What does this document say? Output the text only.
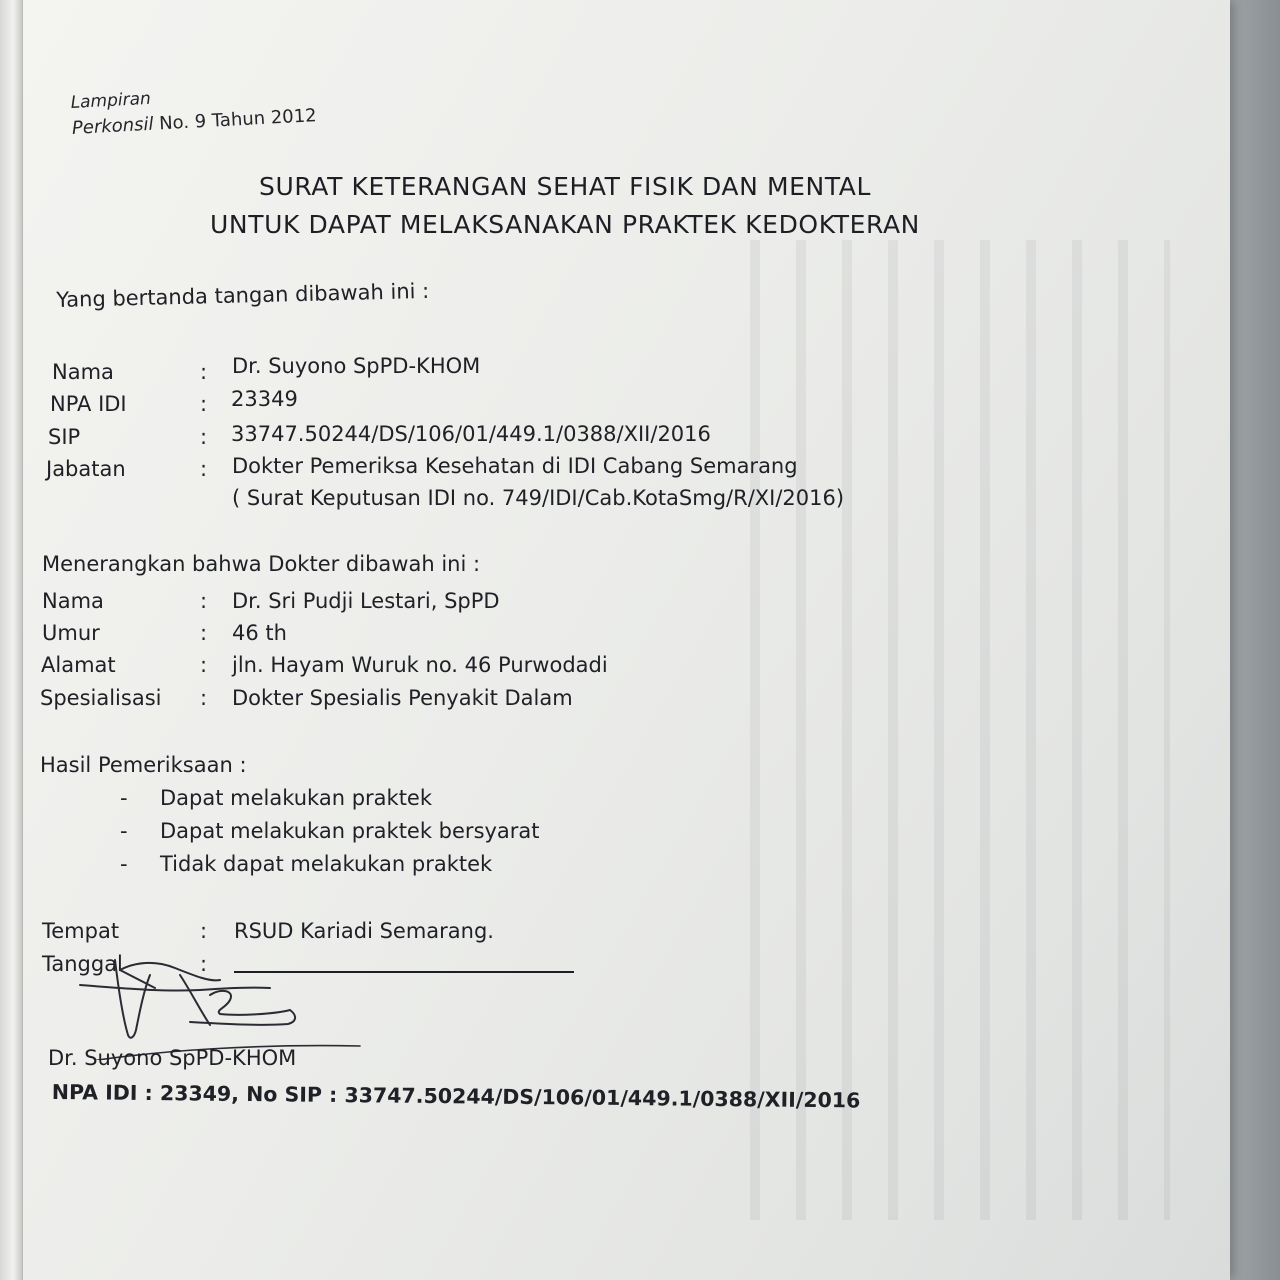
Lampiran
Perkonsil No. 9 Tahun 2012
SURAT KETERANGAN SEHAT FISIK DAN MENTAL
UNTUK DAPAT MELAKSANAKAN PRAKTEK KEDOKTERAN
Yang bertanda tangan dibawah ini :
Nama	: Dr. Suyono SpPD-KHOM
NPA IDI	: 23349
SIP	: 33747.50244/DS/106/01/449.1/0388/XII/2016
Jabatan	: Dokter Pemeriksa Kesehatan di IDI Cabang Semarang
( Surat Keputusan IDI no. 749/IDI/Cab.KotaSmg/R/XI/2016)
Menerangkan bahwa Dokter dibawah ini :
Nama	: Dr. Sri Pudji Lestari, SpPD
Umur	: 46 th
Alamat	: jln. Hayam Wuruk no. 46 Purwodadi
Spesialisasi : Dokter Spesialis Penyakit Dalam
Hasil Pemeriksaan :
- Dapat melakukan praktek
- Dapat melakukan praktek bersyarat
- Tidak dapat melakukan praktek
Tempat	: RSUD Kariadi Semarang.
Tanggal	:
Dr. Suyono SpPD-KHOM
NPA IDI : 23349, No SIP : 33747.50244/DS/106/01/449.1/0388/XII/2016
